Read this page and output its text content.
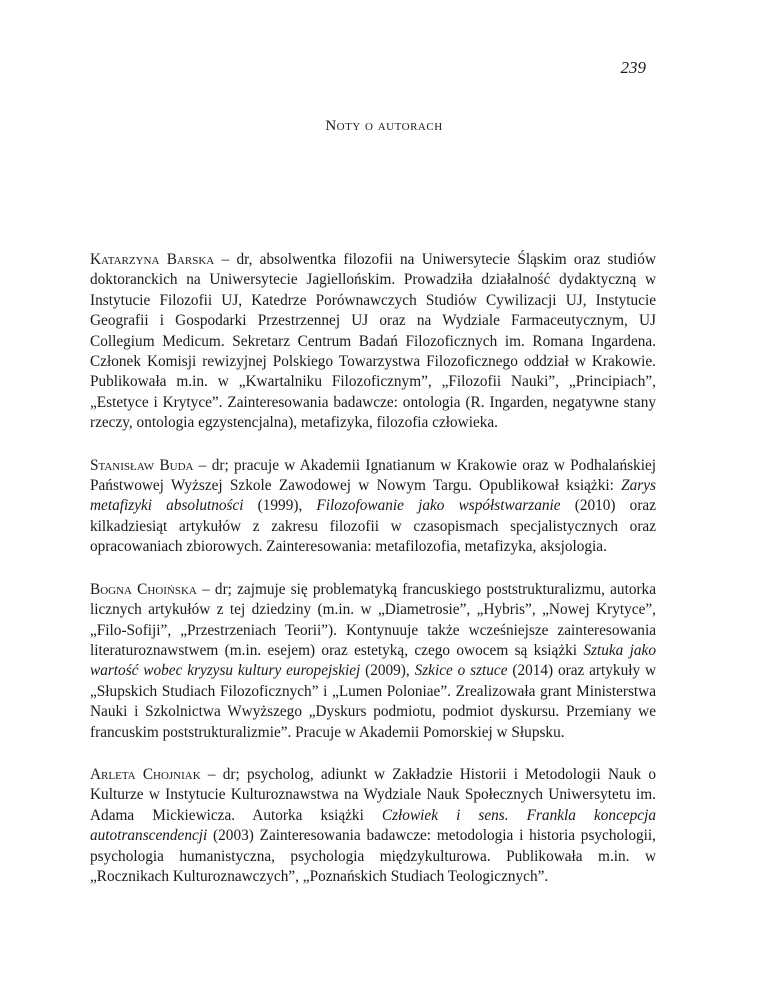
239
Noty o autorach

Katarzyna Barska – dr, absolwentka filozofii na Uniwersytecie Śląskim oraz studiów doktoranckich na Uniwersytecie Jagiellońskim. Prowadziła działalność dydaktyczną w Instytucie Filozofii UJ, Katedrze Porównawczych Studiów Cywilizacji UJ, Instytucie Geografii i Gospodarki Przestrzennej UJ oraz na Wydziale Farmaceutycznym, UJ Collegium Medicum. Sekretarz Centrum Badań Filozoficznych im. Romana Ingardena. Członek Komisji rewizyjnej Polskiego Towarzystwa Filozoficznego oddział w Krakowie. Publikowała m.in. w „Kwartalniku Filozoficznym”, „Filozofii Nauki”, „Principiach”, „Estetyce i Krytyce”. Zainteresowania badawcze: ontologia (R. Ingarden, negatywne stany rzeczy, ontologia egzystencjalna), metafizyka, filozofia człowieka.

Stanisław Buda – dr; pracuje w Akademii Ignatianum w Krakowie oraz w Podhalańskiej Państwowej Wyższej Szkole Zawodowej w Nowym Targu. Opublikował książki: Zarys metafizyki absolutności (1999), Filozofowanie jako współstwarzanie (2010) oraz kilkadziesiąt artykułów z zakresu filozofii w czasopismach specjalistycznych oraz opracowaniach zbiorowych. Zainteresowania: metafilozofia, metafizyka, aksjologia.

Bogna Choińska – dr; zajmuje się problematyką francuskiego poststrukturalizmu, autorka licznych artykułów z tej dziedziny (m.in. w „Diametrosie”, „Hybris”, „Nowej Krytyce”, „Filo-Sofiji”, „Przestrzeniach Teorii”). Kontynuuje także wcześniejsze zainteresowania literaturoznawstwem (m.in. esejem) oraz estetyką, czego owocem są książki Sztuka jako wartość wobec kryzysu kultury europejskiej (2009), Szkice o sztuce (2014) oraz artykuły w „Słupskich Studiach Filozoficznych” i „Lumen Poloniae”. Zrealizowała grant Ministerstwa Nauki i Szkolnictwa Wwyższego „Dyskurs podmiotu, podmiot dyskursu. Przemiany we francuskim poststrukturalizmie”. Pracuje w Akademii Pomorskiej w Słupsku.

Arleta Chojniak – dr; psycholog, adiunkt w Zakładzie Historii i Metodologii Nauk o Kulturze w Instytucie Kulturoznawstwa na Wydziale Nauk Społecznych Uniwersytetu im. Adama Mickiewicza. Autorka książki Człowiek i sens. Frankla koncepcja autotranscendencji (2003) Zainteresowania badawcze: metodologia i historia psychologii, psychologia humanistyczna, psychologia międzykulturowa. Publikowała m.in. w „Rocznikach Kulturoznawczych”, „Poznańskich Studiach Teologicznych”.
